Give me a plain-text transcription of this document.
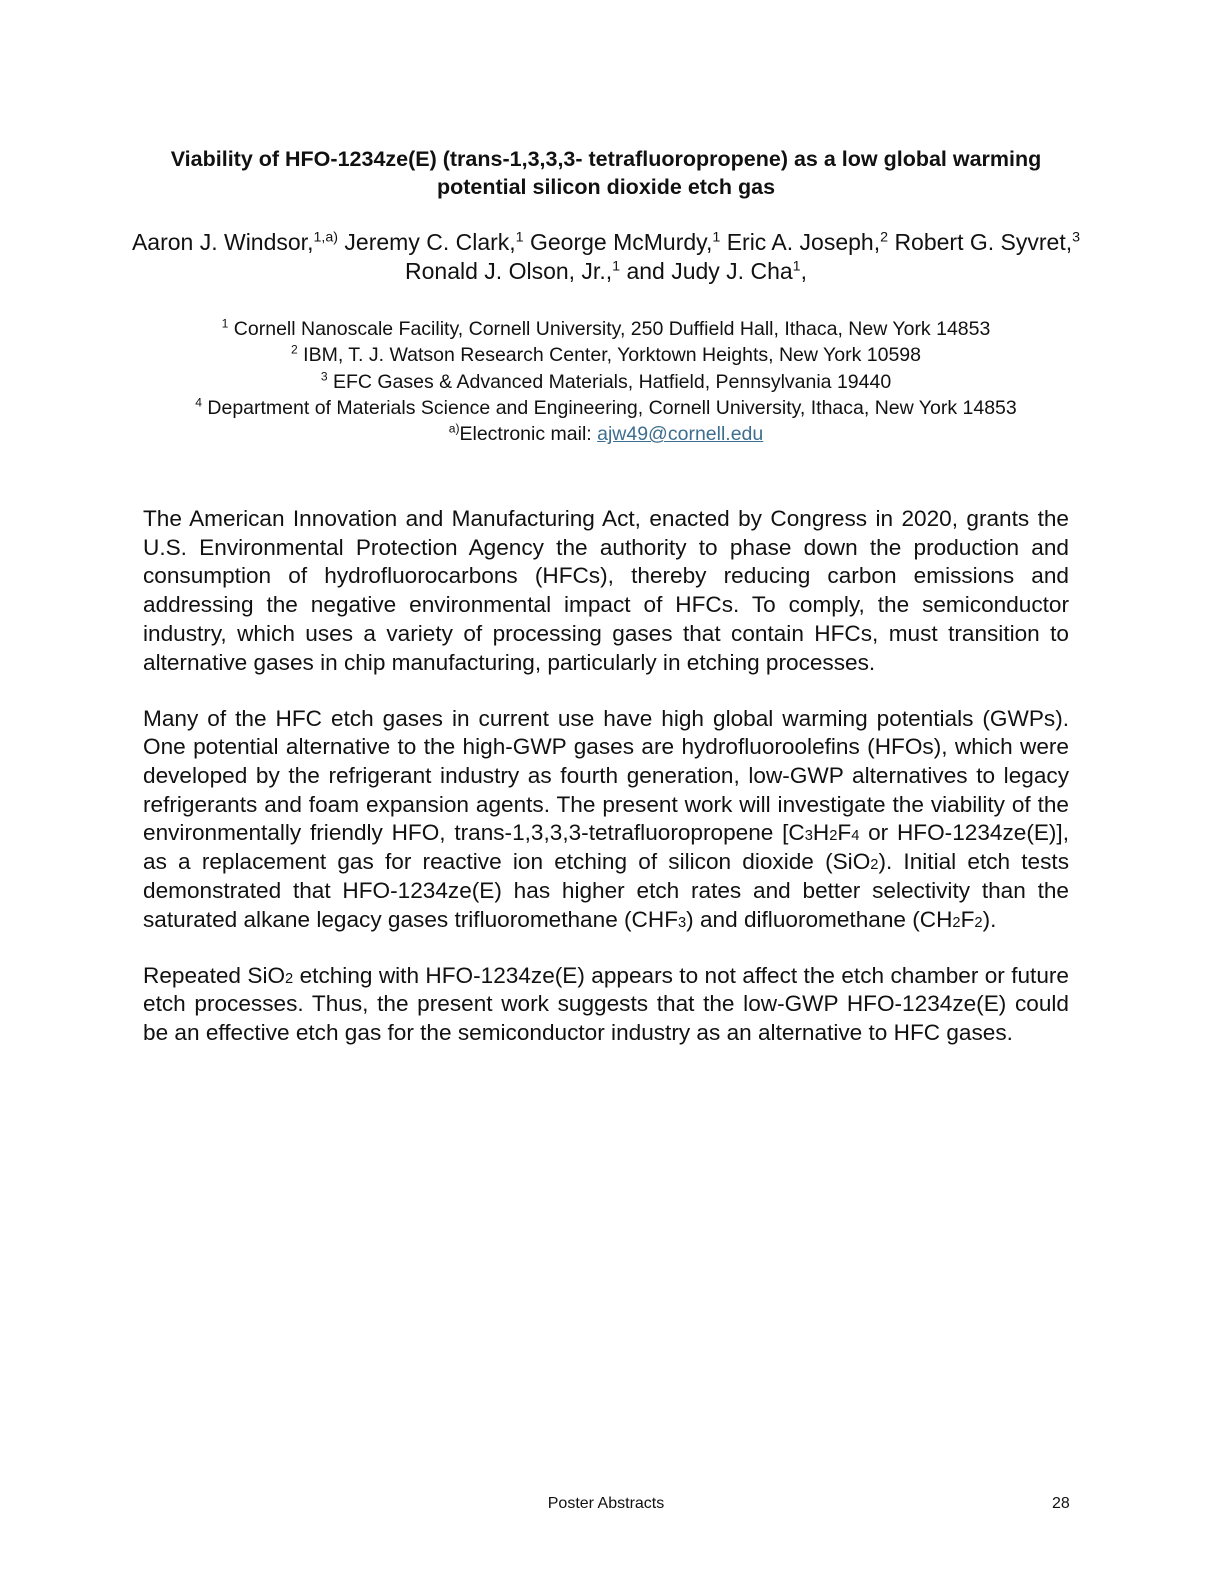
Viability of HFO-1234ze(E) (trans-1,3,3,3- tetrafluoropropene) as a low global warming potential silicon dioxide etch gas
Aaron J. Windsor,$^{1,a)}$ Jeremy C. Clark,$^1$ George McMurdy,$^1$ Eric A. Joseph,$^2$ Robert G. Syvret,$^3$ Ronald J. Olson, Jr.,$^1$ and Judy J. Cha$^1$,
$^1$ Cornell Nanoscale Facility, Cornell University, 250 Duffield Hall, Ithaca, New York 14853
$^2$ IBM, T. J. Watson Research Center, Yorktown Heights, New York 10598
$^3$ EFC Gases & Advanced Materials, Hatfield, Pennsylvania 19440
$^4$ Department of Materials Science and Engineering, Cornell University, Ithaca, New York 14853
$^{a)}$Electronic mail: ajw49@cornell.edu

The American Innovation and Manufacturing Act, enacted by Congress in 2020, grants the U.S. Environmental Protection Agency the authority to phase down the production and consumption of hydrofluorocarbons (HFCs), thereby reducing carbon emissions and addressing the negative environmental impact of HFCs. To comply, the semiconductor industry, which uses a variety of processing gases that contain HFCs, must transition to alternative gases in chip manufacturing, particularly in etching processes.

Many of the HFC etch gases in current use have high global warming potentials (GWPs). One potential alternative to the high-GWP gases are hydrofluoroolefins (HFOs), which were developed by the refrigerant industry as fourth generation, low-GWP alternatives to legacy refrigerants and foam expansion agents. The present work will investigate the viability of the environmentally friendly HFO, trans-1,3,3,3-tetrafluoropropene [C3H2F4 or HFO-1234ze(E)], as a replacement gas for reactive ion etching of silicon dioxide (SiO2). Initial etch tests demonstrated that HFO-1234ze(E) has higher etch rates and better selectivity than the saturated alkane legacy gases trifluoromethane (CHF3) and difluoromethane (CH2F2).

Repeated SiO2 etching with HFO-1234ze(E) appears to not affect the etch chamber or future etch processes. Thus, the present work suggests that the low-GWP HFO-1234ze(E) could be an effective etch gas for the semiconductor industry as an alternative to HFC gases.

Poster Abstracts	28
